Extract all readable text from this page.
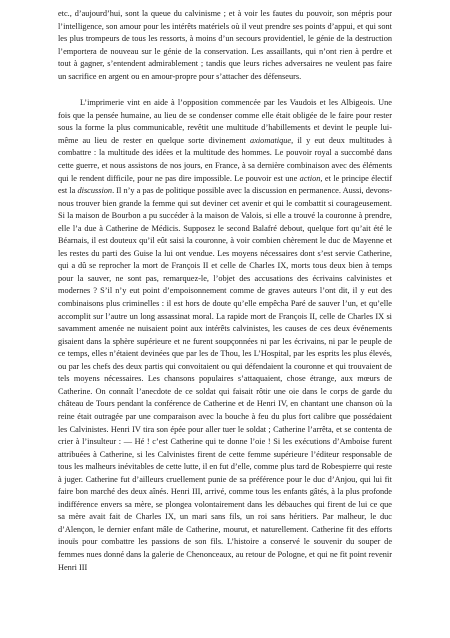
etc., d’aujourd’hui, sont la queue du calvinisme ; et à voir les fautes du pouvoir, son mépris pour l’intelligence, son amour pour les intérêts matériels où il veut prendre ses points d’appui, et qui sont les plus trompeurs de tous les ressorts, à moins d’un secours providentiel, le génie de la destruction l’emportera de nouveau sur le génie de la conservation. Les assaillants, qui n’ont rien à perdre et tout à gagner, s’entendent admirablement ; tandis que leurs riches adversaires ne veulent pas faire un sacrifice en argent ou en amour-propre pour s’attacher des défenseurs.

L’imprimerie vint en aide à l’opposition commencée par les Vaudois et les Albigeois. Une fois que la pensée humaine, au lieu de se condenser comme elle était obligée de le faire pour rester sous la forme la plus communicable, revêtit une multitude d’habillements et devint le peuple lui-même au lieu de rester en quelque sorte divinement axiomatique, il y eut deux multitudes à combattre : la multitude des idées et la multitude des hommes. Le pouvoir royal a succombé dans cette guerre, et nous assistons de nos jours, en France, à sa dernière combinaison avec des éléments qui le rendent difficile, pour ne pas dire impossible. Le pouvoir est une action, et le principe électif est la discussion. Il n’y a pas de politique possible avec la discussion en permanence. Aussi, devons-nous trouver bien grande la femme qui sut deviner cet avenir et qui le combattit si courageusement. Si la maison de Bourbon a pu succéder à la maison de Valois, si elle a trouvé la couronne à prendre, elle l’a due à Catherine de Médicis. Supposez le second Balafré debout, quelque fort qu’ait été le Béarnais, il est douteux qu’il eût saisi la couronne, à voir combien chèrement le duc de Mayenne et les restes du parti des Guise la lui ont vendue. Les moyens nécessaires dont s’est servie Catherine, qui a dû se reprocher la mort de François II et celle de Charles IX, morts tous deux bien à temps pour la sauver, ne sont pas, remarquez-le, l’objet des accusations des écrivains calvinistes et modernes ? S’il n’y eut point d’empoisonnement comme de graves auteurs l’ont dit, il y eut des combinaisons plus criminelles : il est hors de doute qu’elle empêcha Paré de sauver l’un, et qu’elle accomplit sur l’autre un long assassinat moral. La rapide mort de François II, celle de Charles IX si savamment amenée ne nuisaient point aux intérêts calvinistes, les causes de ces deux événements gisaient dans la sphère supérieure et ne furent soupçonnées ni par les écrivains, ni par le peuple de ce temps, elles n’étaient devinées que par les de Thou, les L’Hospital, par les esprits les plus élevés, ou par les chefs des deux partis qui convoitaient ou qui défendaient la couronne et qui trouvaient de tels moyens nécessaires. Les chansons populaires s’attaquaient, chose étrange, aux mœurs de Catherine. On connaît l’anecdote de ce soldat qui faisait rôtir une oie dans le corps de garde du château de Tours pendant la conférence de Catherine et de Henri IV, en chantant une chanson où la reine était outragée par une comparaison avec la bouche à feu du plus fort calibre que possédaient les Calvinistes. Henri IV tira son épée pour aller tuer le soldat ; Catherine l’arrêta, et se contenta de crier à l’insulteur : — Hé ! c’est Catherine qui te donne l’oie ! Si les exécutions d’Amboise furent attribuées à Catherine, si les Calvinistes firent de cette femme supérieure l’éditeur responsable de tous les malheurs inévitables de cette lutte, il en fut d’elle, comme plus tard de Robespierre qui reste à juger. Catherine fut d’ailleurs cruellement punie de sa préférence pour le duc d’Anjou, qui lui fit faire bon marché des deux aînés. Henri III, arrivé, comme tous les enfants gâtés, à la plus profonde indifférence envers sa mère, se plongea volontairement dans les débauches qui firent de lui ce que sa mère avait fait de Charles IX, un mari sans fils, un roi sans héritiers. Par malheur, le duc d’Alençon, le dernier enfant mâle de Catherine, mourut, et naturellement. Catherine fit des efforts inouïs pour combattre les passions de son fils. L’histoire a conservé le souvenir du souper de femmes nues donné dans la galerie de Chenonceaux, au retour de Pologne, et qui ne fit point revenir Henri III
